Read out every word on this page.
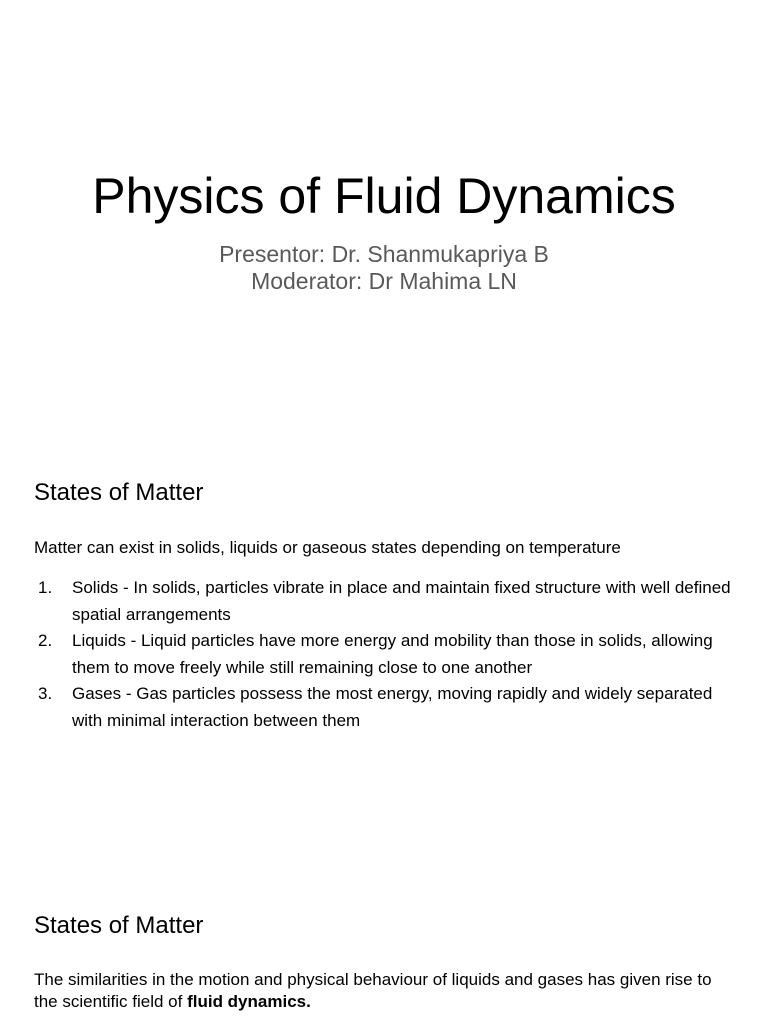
Physics of Fluid Dynamics
Presentor: Dr. Shanmukapriya B
Moderator: Dr Mahima LN
States of Matter
Matter can exist in solids, liquids or gaseous states depending on temperature
1. Solids - In solids, particles vibrate in place and maintain fixed structure with well defined spatial arrangements
2. Liquids - Liquid particles have more energy and mobility than those in solids, allowing them to move freely while still remaining close to one another
3. Gases - Gas particles possess the most energy, moving rapidly and widely separated with minimal interaction between them
States of Matter
The similarities in the motion and physical behaviour of liquids and gases has given rise to the scientific field of fluid dynamics.
